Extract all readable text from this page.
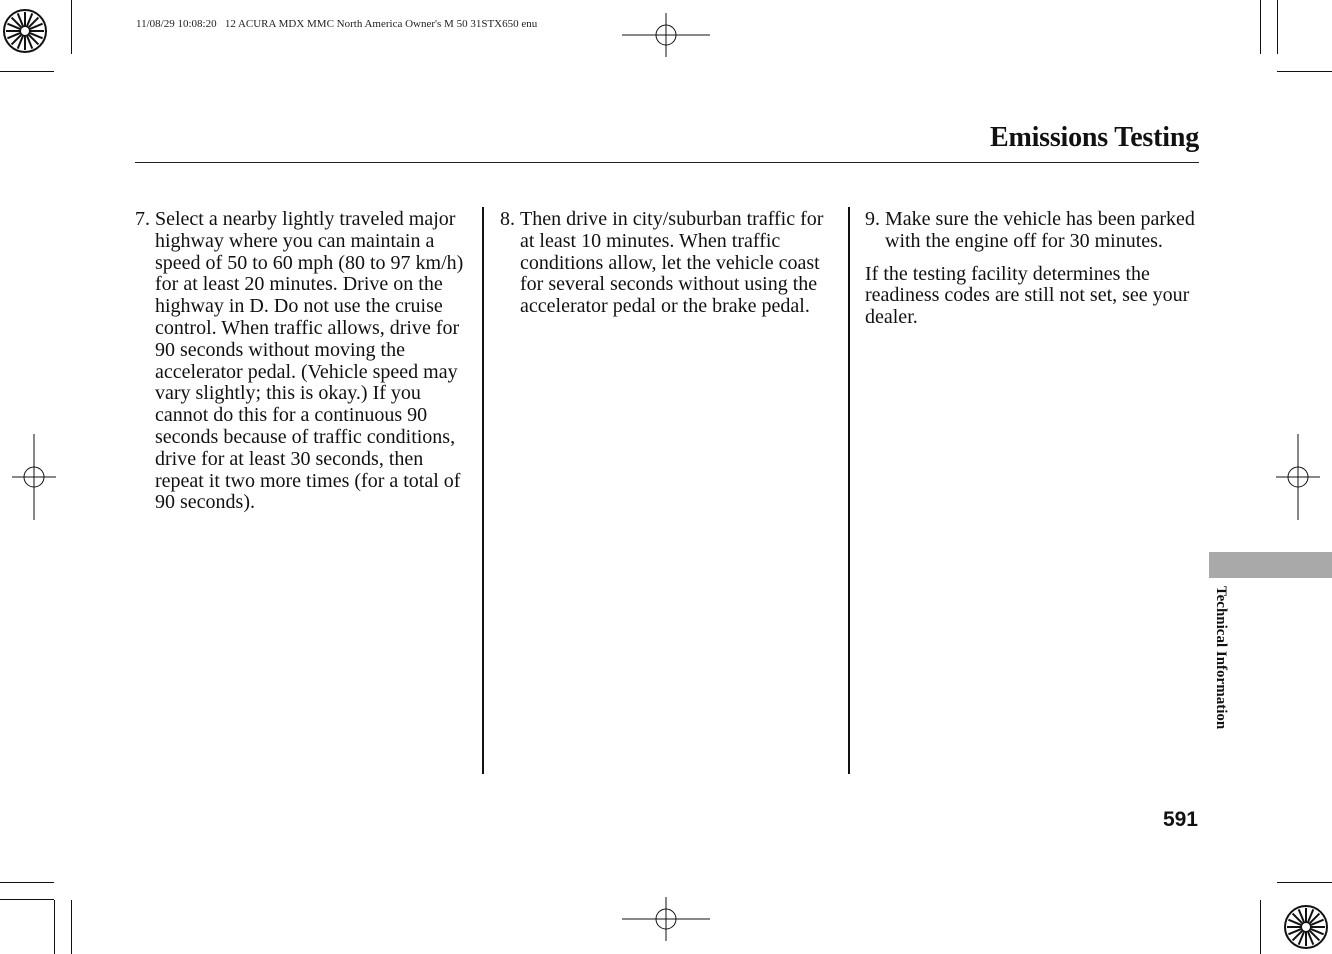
11/08/29 10:08:20   12 ACURA MDX MMC North America Owner's M 50 31STX650 enu
Emissions Testing
7. Select a nearby lightly traveled major highway where you can maintain a speed of 50 to 60 mph (80 to 97 km/h) for at least 20 minutes. Drive on the highway in D. Do not use the cruise control. When traffic allows, drive for 90 seconds without moving the accelerator pedal. (Vehicle speed may vary slightly; this is okay.) If you cannot do this for a continuous 90 seconds because of traffic conditions, drive for at least 30 seconds, then repeat it two more times (for a total of 90 seconds).
8. Then drive in city/suburban traffic for at least 10 minutes. When traffic conditions allow, let the vehicle coast for several seconds without using the accelerator pedal or the brake pedal.
9. Make sure the vehicle has been parked with the engine off for 30 minutes.

If the testing facility determines the readiness codes are still not set, see your dealer.

Technical Information
591
